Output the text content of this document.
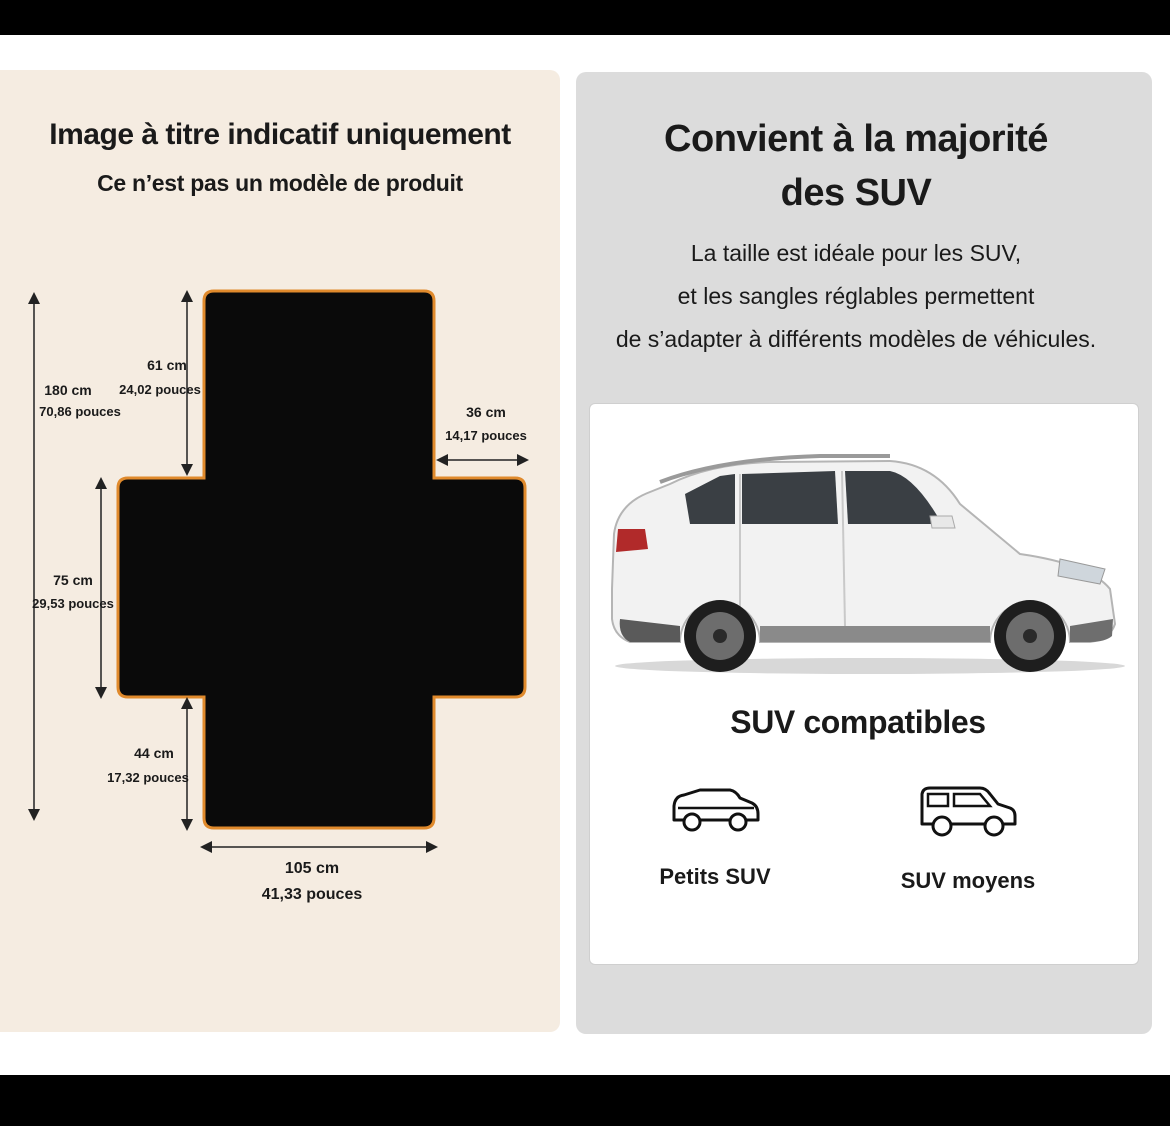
Image à titre indicatif uniquement
Ce n’est pas un modèle de produit
180 cm
70,86 pouces
61 cm
24,02 pouces
36 cm
14,17 pouces
75 cm
29,53 pouces
44 cm
17,32 pouces
105 cm
41,33 pouces
Convient à la majorité
des SUV
La taille est idéale pour les SUV,
et les sangles réglables permettent
de s’adapter à différents modèles de véhicules.
SUV compatibles
Petits SUV	SUV moyens
